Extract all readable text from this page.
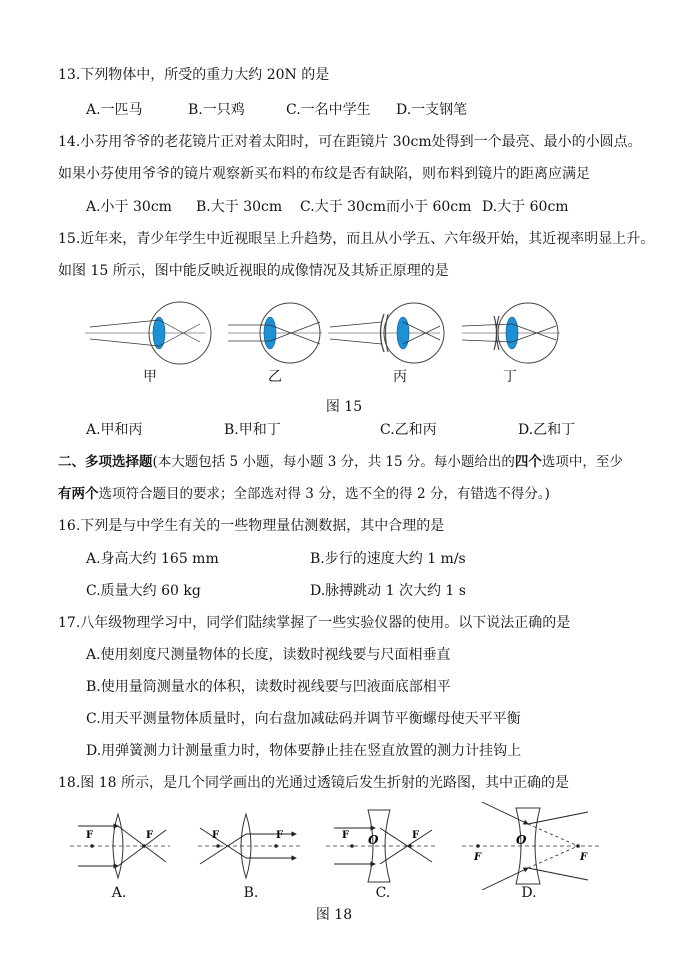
13.下列物体中，所受的重力大约 20N 的是
A.一匹马	B.一只鸡	C.一名中学生 D.一支钢笔
14.小芬用爷爷的老花镜片正对着太阳时，可在距镜片 30cm处得到一个最亮、最小的小圆点。
如果小芬使用爷爷的镜片观察新买布料的布纹是否有缺陷，则布料到镜片的距离应满足
A.小于 30cm B.大于 30cm C.大于 30cm而小于 60cm D.大于 60cm
15.近年来，青少年学生中近视眼呈上升趋势，而且从小学五、六年级开始，其近视率明显上升。
如图 15 所示，图中能反映近视眼的成像情况及其矫正原理的是
甲	乙	丙	丁
图 15
A.甲和丙	B.甲和丁	C.乙和丙	D.乙和丁
二、多项选择题(本大题包括 5 小题，每小题 3 分，共 15 分。每小题给出的四个选项中，至少
有两个选项符合题目的要求；全部选对得 3 分，选不全的得 2 分，有错选不得分。)
16.下列是与中学生有关的一些物理量估测数据，其中合理的是
A.身高大约 165 mm	B.步行的速度大约 1 m/s
C.质量大约 60 kg	D.脉搏跳动 1 次大约 1 s
17.八年级物理学习中，同学们陆续掌握了一些实验仪器的使用。以下说法正确的是
A.使用刻度尺测量物体的长度，读数时视线要与尺面相垂直
B.使用量筒测量水的体积，读数时视线要与凹液面底部相平
C.用天平测量物体质量时，向右盘加减砝码并调节平衡螺母使天平平衡
D.用弹簧测力计测量重力时，物体要静止挂在竖直放置的测力计挂钩上
18.图 18 所示，是几个同学画出的光通过透镜后发生折射的光路图，其中正确的是
F	F	F	F	F O	F
F
O
F
A.	B.	C.	D.
图 18
